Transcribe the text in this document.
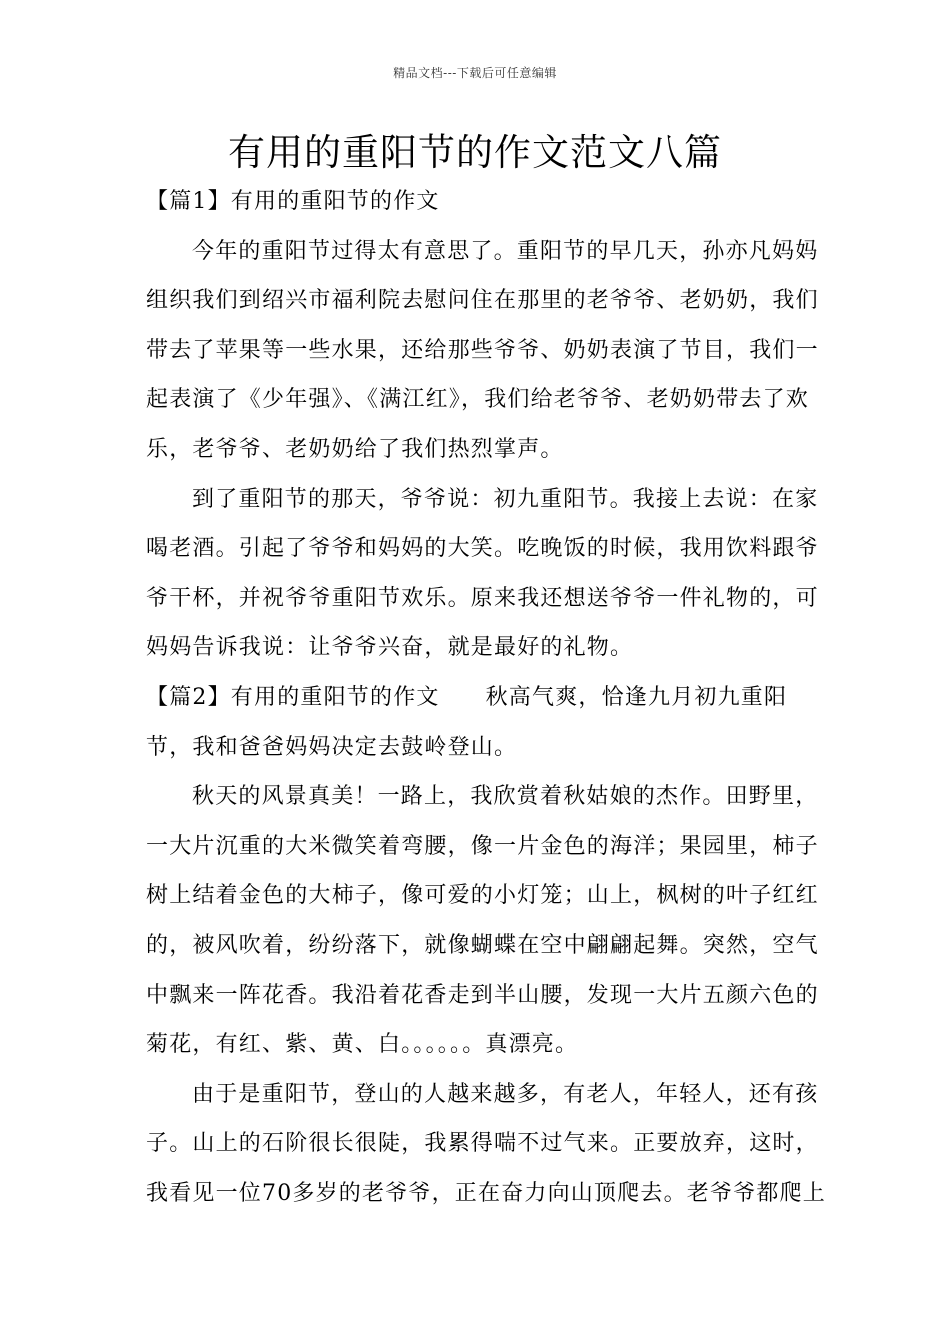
精品文档---下载后可任意编辑
有用的重阳节的作文范文八篇

【篇1】有用的重阳节的作文

今年的重阳节过得太有意思了。重阳节的早几天，孙亦凡妈妈组织我们到绍兴市福利院去慰问住在那里的老爷爷、老奶奶，我们带去了苹果等一些水果，还给那些爷爷、奶奶表演了节目，我们一起表演了《少年强》、《满江红》，我们给老爷爷、老奶奶带去了欢乐，老爷爷、老奶奶给了我们热烈掌声。

到了重阳节的那天，爷爷说：初九重阳节。我接上去说：在家喝老酒。引起了爷爷和妈妈的大笑。吃晚饭的时候，我用饮料跟爷爷干杯，并祝爷爷重阳节欢乐。原来我还想送爷爷一件礼物的，可妈妈告诉我说：让爷爷兴奋，就是最好的礼物。

【篇2】有用的重阳节的作文 秋高气爽，恰逢九月初九重阳节，我和爸爸妈妈决定去鼓岭登山。

秋天的风景真美！一路上，我欣赏着秋姑娘的杰作。田野里，一大片沉重的大米微笑着弯腰，像一片金色的海洋；果园里，柿子树上结着金色的大柿子，像可爱的小灯笼；山上，枫树的叶子红红的，被风吹着，纷纷落下，就像蝴蝶在空中翩翩起舞。突然，空气中飘来一阵花香。我沿着花香走到半山腰，发现一大片五颜六色的菊花，有红、紫、黄、白。。。。。。真漂亮。

由于是重阳节，登山的人越来越多，有老人，年轻人，还有孩子。山上的石阶很长很陡，我累得喘不过气来。正要放弃，这时，我看见一位70多岁的老爷爷，正在奋力向山顶爬去。老爷爷都爬上
